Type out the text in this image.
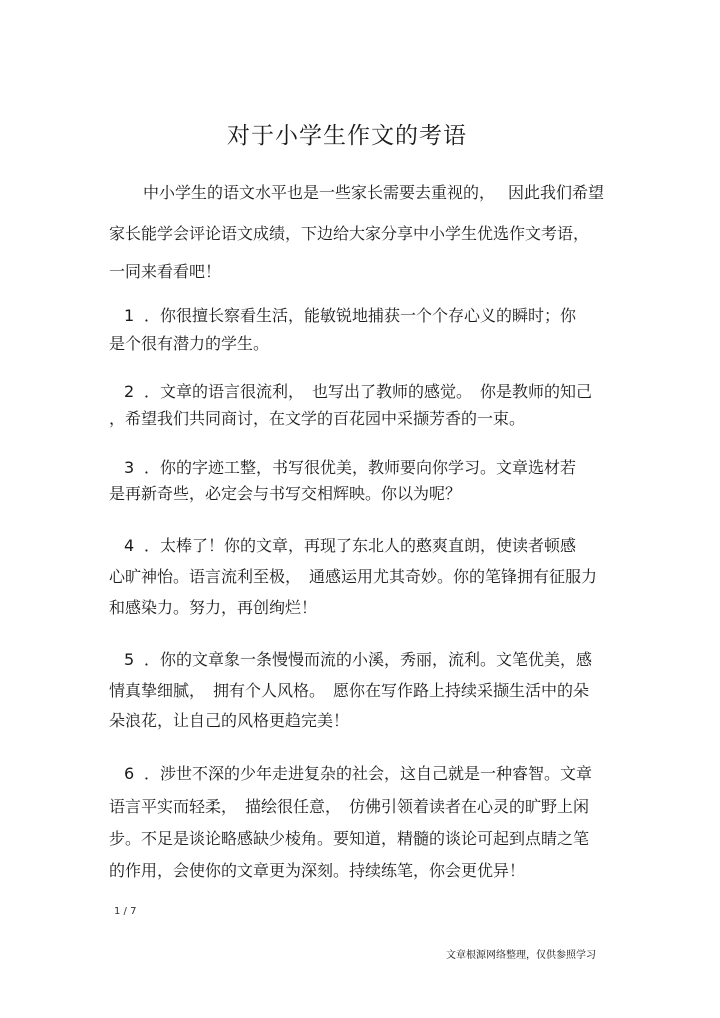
对于小学生作文的考语
中小学生的语文水平也是一些家长需要去重视的， 因此我们希望
家长能学会评论语文成绩，下边给大家分享中小学生优选作文考语，
一同来看看吧！
1 ．你很擅长察看生活，能敏锐地捕获一个个存心义的瞬时；你
是个很有潜力的学生。
2 ．文章的语言很流利，　也写出了教师的感觉。　你是教师的知己
，希望我们共同商讨，在文学的百花园中采撷芳香的一束。
3 ．你的字迹工整，书写很优美，教师要向你学习。文章选材若
是再新奇些，必定会与书写交相辉映。你以为呢？
4 ．太棒了！你的文章，再现了东北人的憨爽直朗，使读者顿感
心旷神怡。语言流利至极，　通感运用尤其奇妙。你的笔锋拥有征服力
和感染力。努力，再创绚烂！
5 ．你的文章象一条慢慢而流的小溪，秀丽，流利。文笔优美，感
情真挚细腻，　拥有个人风格。　愿你在写作路上持续采撷生活中的朵
朵浪花，让自己的风格更趋完美！
6 ．涉世不深的少年走进复杂的社会，这自己就是一种睿智。文章
语言平实而轻柔，　描绘很任意，　仿佛引领着读者在心灵的旷野上闲
步。不足是谈论略感缺少棱角。要知道，精髓的谈论可起到点睛之笔
的作用，会使你的文章更为深刻。持续练笔，你会更优异！
1 / 7
文章根源网络整理，仅供参照学习
